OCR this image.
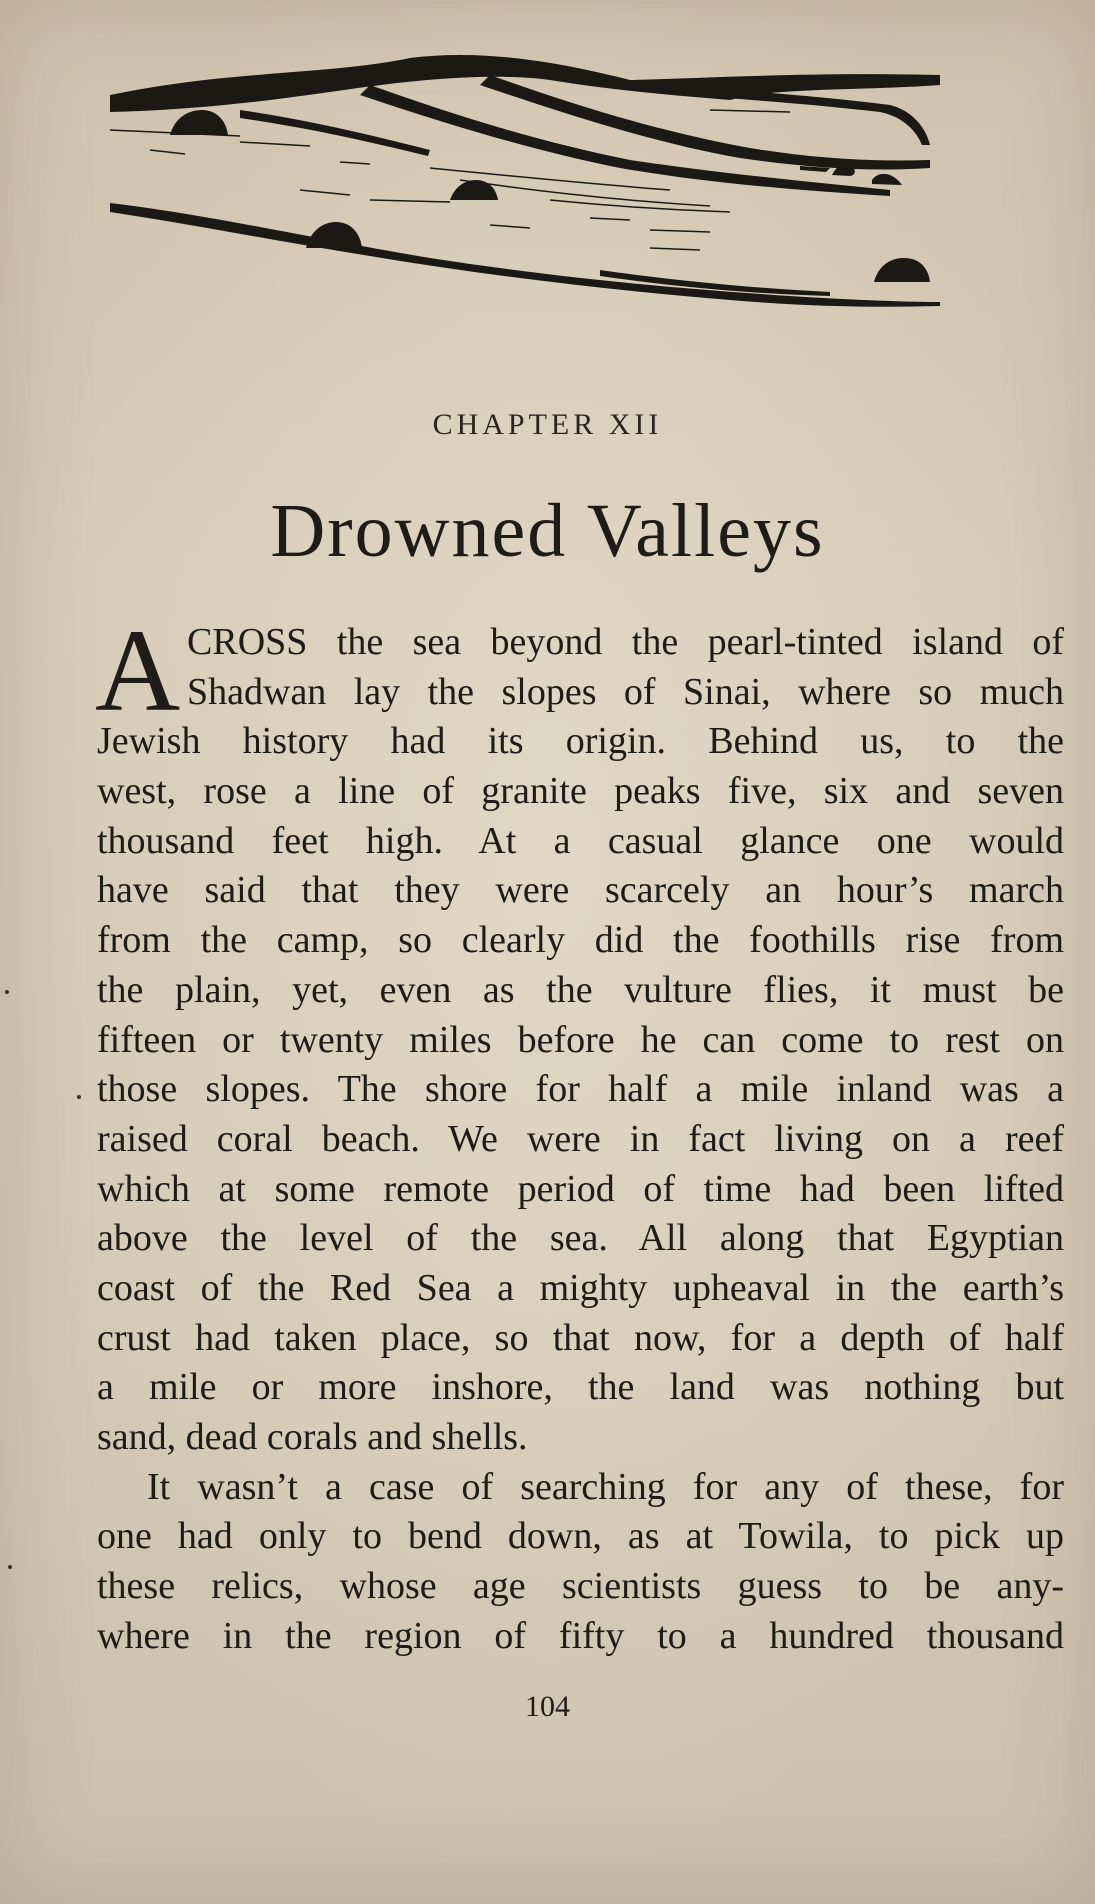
CHAPTER XII
Drowned Valleys
A CROSS the sea beyond the pearl-tinted island of
Shadwan lay the slopes of Sinai, where so much
Jewish history had its origin. Behind us, to the
west, rose a line of granite peaks five, six and seven
thousand feet high. At a casual glance one would
have said that they were scarcely an hour’s march
from the camp, so clearly did the foothills rise from
the plain, yet, even as the vulture flies, it must be
fifteen or twenty miles before he can come to rest on
those slopes. The shore for half a mile inland was a
raised coral beach. We were in fact living on a reef
which at some remote period of time had been lifted
above the level of the sea. All along that Egyptian
coast of the Red Sea a mighty upheaval in the earth’s
crust had taken place, so that now, for a depth of half
a mile or more inshore, the land was nothing but
sand, dead corals and shells.
It wasn’t a case of searching for any of these, for
one had only to bend down, as at Towila, to pick up
these relics, whose age scientists guess to be any-
where in the region of fifty to a hundred thousand
104
